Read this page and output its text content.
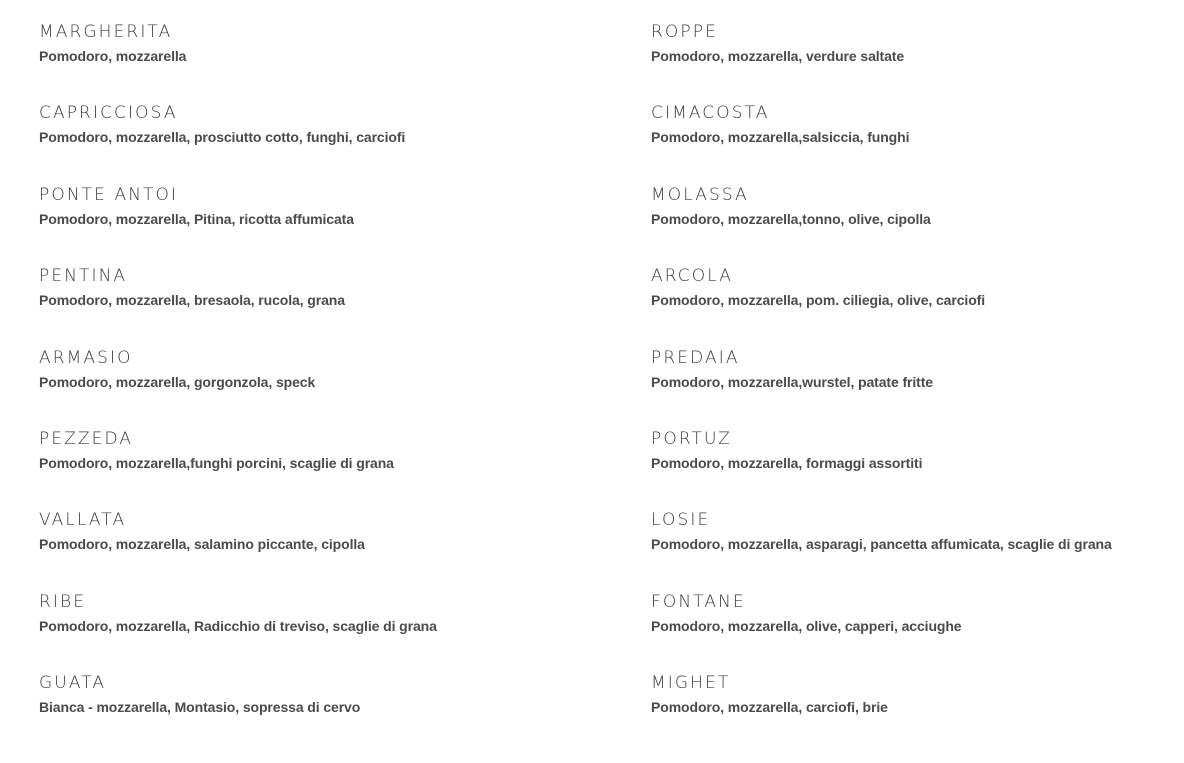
MARGHERITA
Pomodoro, mozzarella
ROPPE
Pomodoro, mozzarella, verdure saltate
CAPRICCIOSA
Pomodoro, mozzarella, prosciutto cotto, funghi, carciofi
CIMACOSTA
Pomodoro, mozzarella,salsiccia, funghi
PONTE ANTOI
Pomodoro, mozzarella, Pitina, ricotta affumicata
MOLASSA
Pomodoro, mozzarella,tonno, olive, cipolla
PENTINA
Pomodoro, mozzarella, bresaola, rucola, grana
ARCOLA
Pomodoro, mozzarella, pom. ciliegia, olive, carciofi
ARMASIO
Pomodoro, mozzarella, gorgonzola, speck
PREDAIA
Pomodoro, mozzarella,wurstel, patate fritte
PEZZEDA
Pomodoro, mozzarella,funghi porcini, scaglie di grana
PORTUZ
Pomodoro, mozzarella, formaggi assortiti
VALLATA
Pomodoro, mozzarella, salamino piccante, cipolla
LOSIE
Pomodoro, mozzarella, asparagi, pancetta affumicata, scaglie di grana
RIBE
Pomodoro, mozzarella, Radicchio di treviso, scaglie di grana
FONTANE
Pomodoro, mozzarella, olive, capperi, acciughe
GUATA
Bianca - mozzarella, Montasio, sopressa di cervo
MIGHET
Pomodoro, mozzarella, carciofi, brie
